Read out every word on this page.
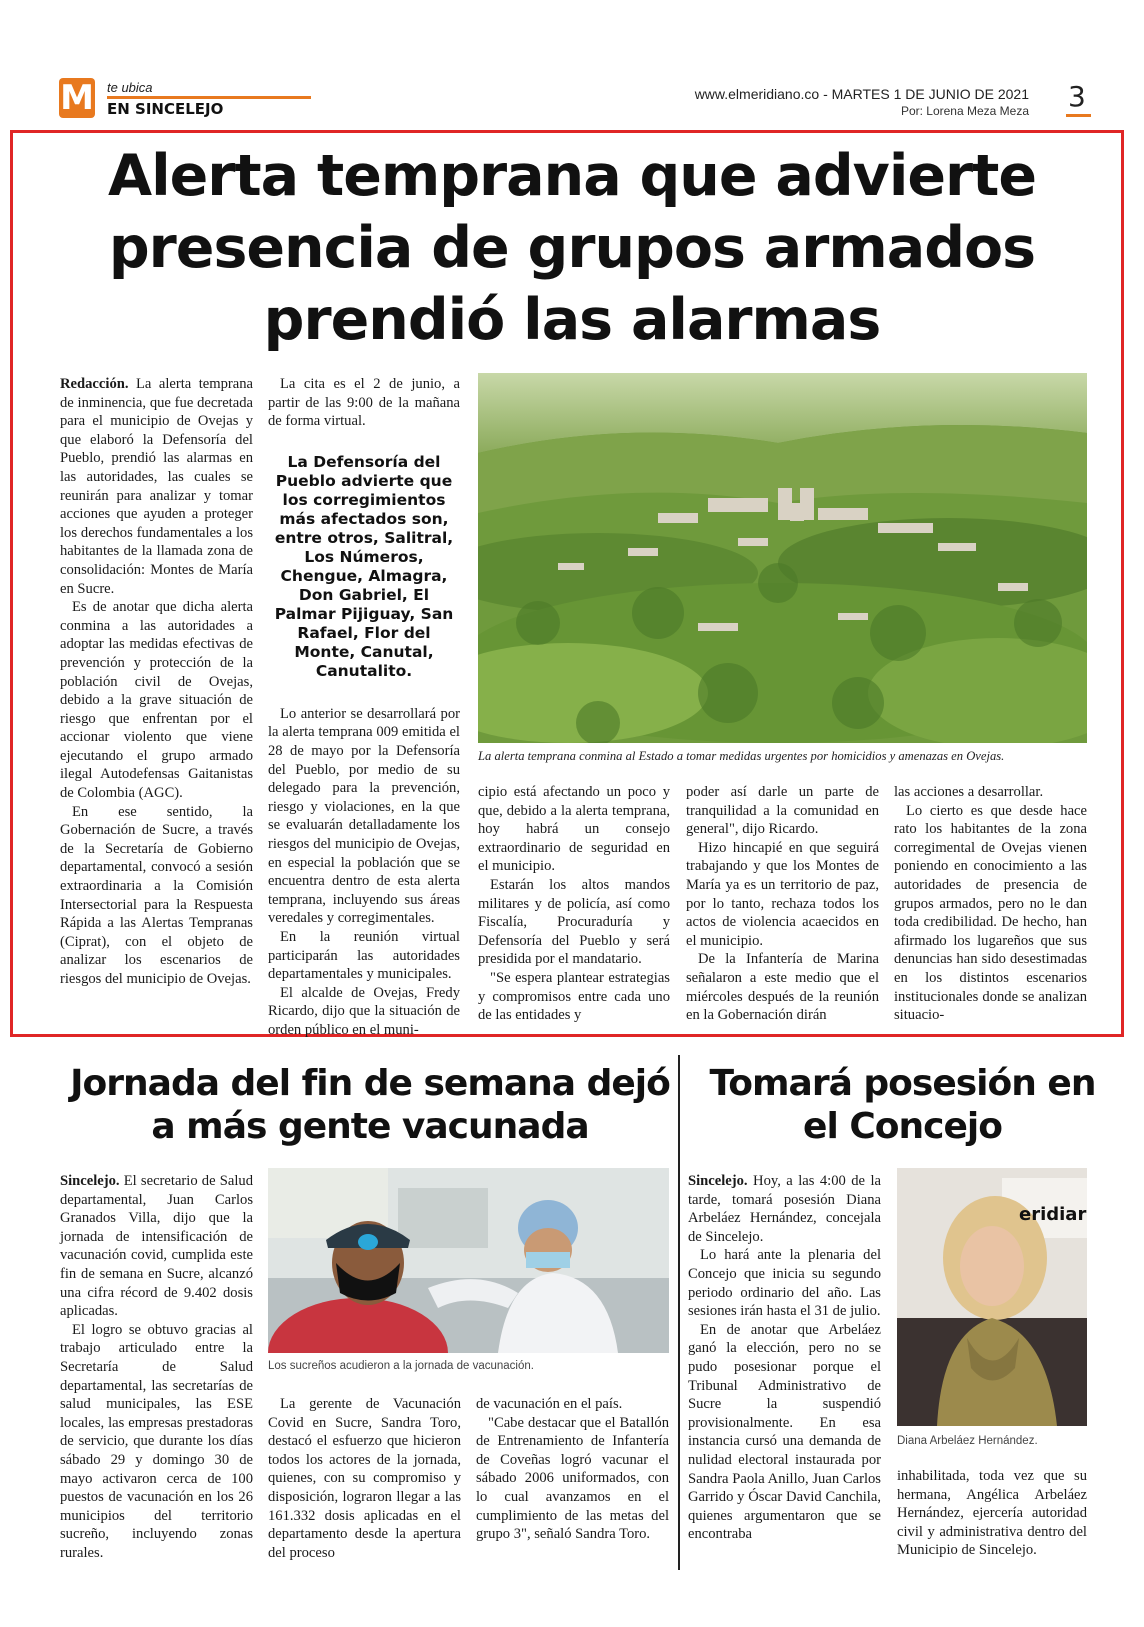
M te ubica
EN SINCELEJO
www.elmeridiano.co - MARTES 1 DE JUNIO DE 2021
Por: Lorena Meza Meza 3
Alerta temprana que advierte presencia de grupos armados prendió las alarmas

Redacción. La alerta temprana de inminencia, que fue decretada para el municipio de Ovejas y que elaboró la Defensoría del Pueblo, prendió las alarmas en las autoridades, las cuales se reunirán para analizar y tomar acciones que ayuden a proteger los derechos fundamentales a los habitantes de la llamada zona de consolidación: Montes de María en Sucre.

Es de anotar que dicha alerta conmina a las autoridades a adoptar las medidas efectivas de prevención y protección de la población civil de Ovejas, debido a la grave situación de riesgo que enfrentan por el accionar violento que viene ejecutando el grupo armado ilegal Autodefensas Gaitanistas de Colombia (AGC).

En ese sentido, la Gobernación de Sucre, a través de la Secretaría de Gobierno departamental, convocó a sesión extraordinaria a la Comisión Intersectorial para la Respuesta Rápida a las Alertas Tempranas (Ciprat), con el objeto de analizar los escenarios de riesgos del municipio de Ovejas.

La cita es el 2 de junio, a partir de las 9:00 de la mañana de forma virtual.

La Defensoría del Pueblo advierte que los corregimientos más afectados son, entre otros, Salitral, Los Números, Chengue, Almagra, Don Gabriel, El Palmar Pijiguay, San Rafael, Flor del Monte, Canutal, Canutalito.

Lo anterior se desarrollará por la alerta temprana 009 emitida el 28 de mayo por la Defensoría del Pueblo, por medio de su delegado para la prevención, riesgo y violaciones, en la que se evaluarán detalladamente los riesgos del municipio de Ovejas, en especial la población que se encuentra dentro de esta alerta temprana, incluyendo sus áreas veredales y corregimentales.

En la reunión virtual participarán las autoridades departamentales y municipales.

El alcalde de Ovejas, Fredy Ricardo, dijo que la situación de orden público en el muni-

La alerta temprana conmina al Estado a tomar medidas urgentes por homicidios y amenazas en Ovejas.

cipio está afectando un poco y que, debido a la alerta temprana, hoy habrá un consejo extraordinario de seguridad en el municipio.

Estarán los altos mandos militares y de policía, así como Fiscalía, Procuraduría y Defensoría del Pueblo y será presidida por el mandatario.

"Se espera plantear estrategias y compromisos entre cada uno de las entidades y

poder así darle un parte de tranquilidad a la comunidad en general", dijo Ricardo.

Hizo hincapié en que seguirá trabajando y que los Montes de María ya es un territorio de paz, por lo tanto, rechaza todos los actos de violencia acaecidos en el municipio.

De la Infantería de Marina señalaron a este medio que el miércoles después de la reunión en la Gobernación dirán

las acciones a desarrollar.

Lo cierto es que desde hace rato los habitantes de la zona corregimental de Ovejas vienen poniendo en conocimiento a las autoridades de presencia de grupos armados, pero no le dan toda credibilidad. De hecho, han afirmado los lugareños que sus denuncias han sido desestimadas en los distintos escenarios institucionales donde se analizan situacio-

Jornada del fin de semana dejó a más gente vacunada

Sincelejo. El secretario de Salud departamental, Juan Carlos Granados Villa, dijo que la jornada de intensificación de vacunación covid, cumplida este fin de semana en Sucre, alcanzó una cifra récord de 9.402 dosis aplicadas.

El logro se obtuvo gracias al trabajo articulado entre la Secretaría de Salud departamental, las secretarías de salud municipales, las ESE locales, las empresas prestadoras de servicio, que durante los días sábado 29 y domingo 30 de mayo activaron cerca de 100 puestos de vacunación en los 26 municipios del territorio sucreño, incluyendo zonas rurales.

Los sucreños acudieron a la jornada de vacunación.

La gerente de Vacunación Covid en Sucre, Sandra Toro, destacó el esfuerzo que hicieron todos los actores de la jornada, quienes, con su compromiso y disposición, lograron llegar a las 161.332 dosis aplicadas en el departamento desde la apertura del proceso

de vacunación en el país.

"Cabe destacar que el Batallón de Entrenamiento de Infantería de Coveñas logró vacunar el sábado 2006 uniformados, con lo cual avanzamos en el cumplimiento de las metas del grupo 3", señaló Sandra Toro.

Tomará posesión en el Concejo

Sincelejo. Hoy, a las 4:00 de la tarde, tomará posesión Diana Arbeláez Hernández, concejala de Sincelejo.

Lo hará ante la plenaria del Concejo que inicia su segundo periodo ordinario del año. Las sesiones irán hasta el 31 de julio.

En de anotar que Arbeláez ganó la elección, pero no se pudo posesionar porque el Tribunal Administrativo de Sucre la suspendió provisionalmente. En esa instancia cursó una demanda de nulidad electoral instaurada por Sandra Paola Anillo, Juan Carlos Garrido y Óscar David Canchila, quienes argumentaron que se encontraba

eridiar
Diana Arbeláez Hernández.

inhabilitada, toda vez que su hermana, Angélica Arbeláez Hernández, ejercería autoridad civil y administrativa dentro del Municipio de Sincelejo.
